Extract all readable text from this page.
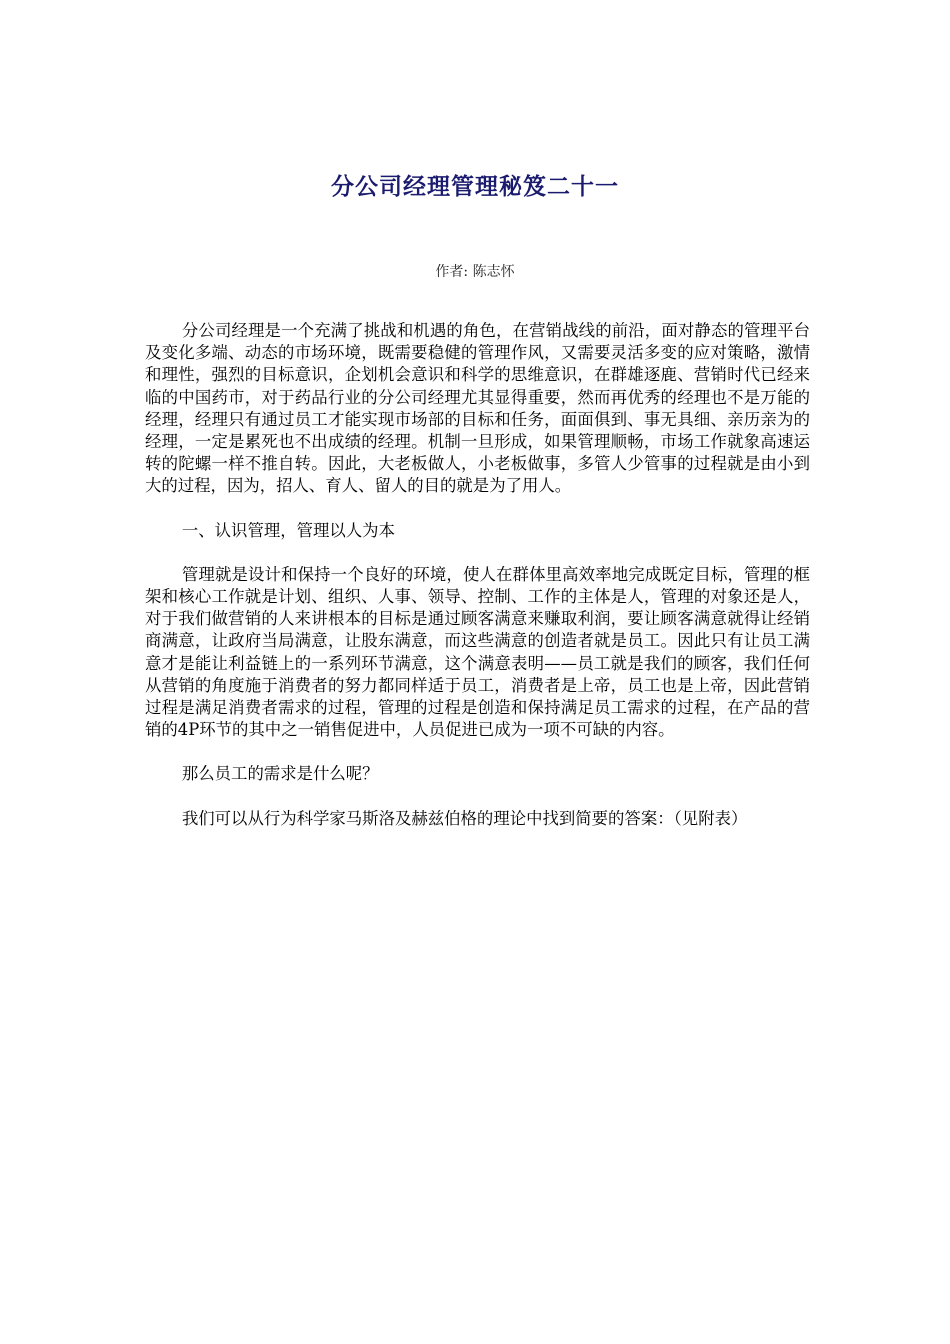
分公司经理管理秘笈二十一
作者: 陈志怀

分公司经理是一个充满了挑战和机遇的角色，在营销战线的前沿，面对静态的管理平台及变化多端、动态的市场环境，既需要稳健的管理作风，又需要灵活多变的应对策略，激情和理性，强烈的目标意识，企划机会意识和科学的思维意识，在群雄逐鹿、营销时代已经来临的中国药市，对于药品行业的分公司经理尤其显得重要，然而再优秀的经理也不是万能的经理，经理只有通过员工才能实现市场部的目标和任务，面面俱到、事无具细、亲历亲为的经理，一定是累死也不出成绩的经理。机制一旦形成，如果管理顺畅，市场工作就象高速运转的陀螺一样不推自转。因此，大老板做人，小老板做事，多管人少管事的过程就是由小到大的过程，因为，招人、育人、留人的目的就是为了用人。

一、认识管理，管理以人为本

管理就是设计和保持一个良好的环境，使人在群体里高效率地完成既定目标，管理的框架和核心工作就是计划、组织、人事、领导、控制、工作的主体是人，管理的对象还是人，对于我们做营销的人来讲根本的目标是通过顾客满意来赚取利润，要让顾客满意就得让经销商满意，让政府当局满意，让股东满意，而这些满意的创造者就是员工。因此只有让员工满意才是能让利益链上的一系列环节满意，这个满意表明——员工就是我们的顾客，我们任何从营销的角度施于消费者的努力都同样适于员工，消费者是上帝，员工也是上帝，因此营销过程是满足消费者需求的过程，管理的过程是创造和保持满足员工需求的过程，在产品的营销的4P环节的其中之一销售促进中，人员促进已成为一项不可缺的内容。

那么员工的需求是什么呢？

我们可以从行为科学家马斯洛及赫兹伯格的理论中找到简要的答案：（见附表）
